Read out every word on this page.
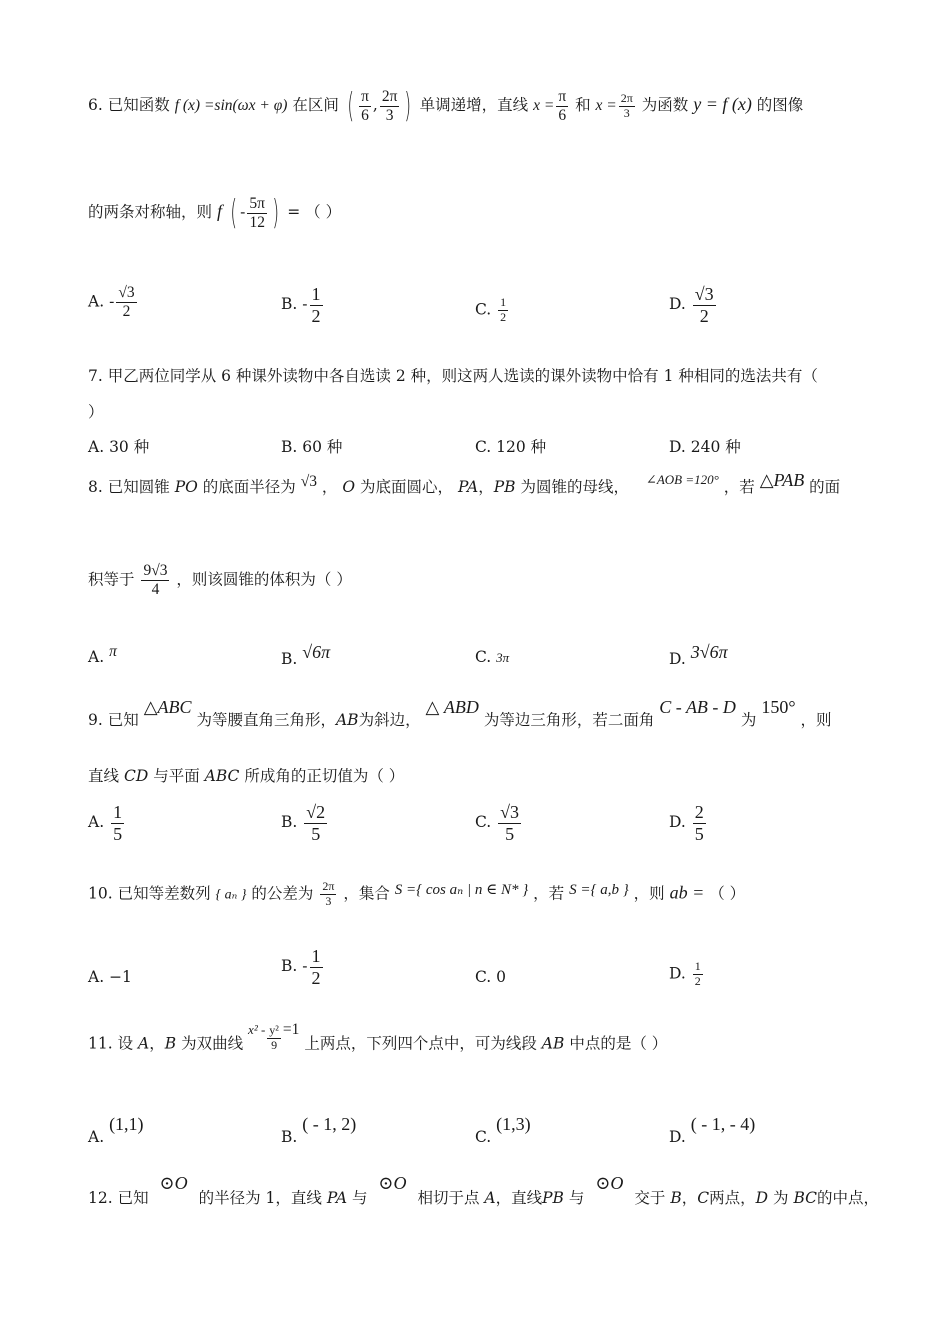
6. 已知函数 f (x) =sin(ωx + φ) 在区间 ( $\frac{\pi}{6}$ , $\frac{2\pi}{3}$ ) 单调递增，直线 $x = \frac{\pi}{6}$ 和 $x = \frac{2\pi}{3}$ 为函数 y = f (x) 的图像
的两条对称轴，则 f ( - $\frac{5\pi}{12}$ ) = （ ）
A. - $\frac{√3}{2}$	B. - $\frac{1}{2}$	C. $\frac{1}{2}$	D. $\frac{√3}{2}$
7. 甲乙两位同学从 6 种课外读物中各自选读 2 种，则这两人选读的课外读物中恰有 1 种相同的选法共有（
）
A. 30 种	B. 60 种	C. 120 种	D. 240 种
8. 已知圆锥 PO 的底面半径为 √3 ， O 为底面圆心， PA，PB 为圆锥的母线， $^{\angle AOB =120^\circ}$ ，若 △PAB 的面
积等于 $\frac{9√3}{4}$ ，则该圆锥的体积为（ ）
A. π	B. √6π	C. 3π	D. 3√6π
9. 已知 △ABC 为等腰直角三角形，AB为斜边， △ ABD 为等边三角形，若二面角 C - AB - D 为 150° ，则
直线 CD 与平面 ABC 所成角的正切值为（ ）
A. $\frac{1}{5}$	B. $\frac{√2}{5}$	C. $\frac{√3}{5}$	D. $\frac{2}{5}$
10. 已知等差数列 { aₙ } 的公差为 $\frac{2\pi}{3}$ ，集合 S ={ cos aₙ | n ∈ N* } ，若 S ={ a,b } ，则 ab = （ ）
A. −1
B. - $\frac{1}{2}$	C. 0	D. $\frac{1}{2}$
11. 设 A，B 为双曲线 $^{x^2 -} \frac{\text{y²}}{9} =1$ 上两点，下列四个点中，可为线段 AB 中点的是（ ）
A. (1,1)
B. ( - 1, 2)
C. (1,3)
D. ( - 1, - 4)
12. 已知 ⊙O 的半径为 1，直线 PA 与 ⊙O 相切于点 A，直线PB 与 ⊙O 交于 B，C两点，D 为 BC的中点，
